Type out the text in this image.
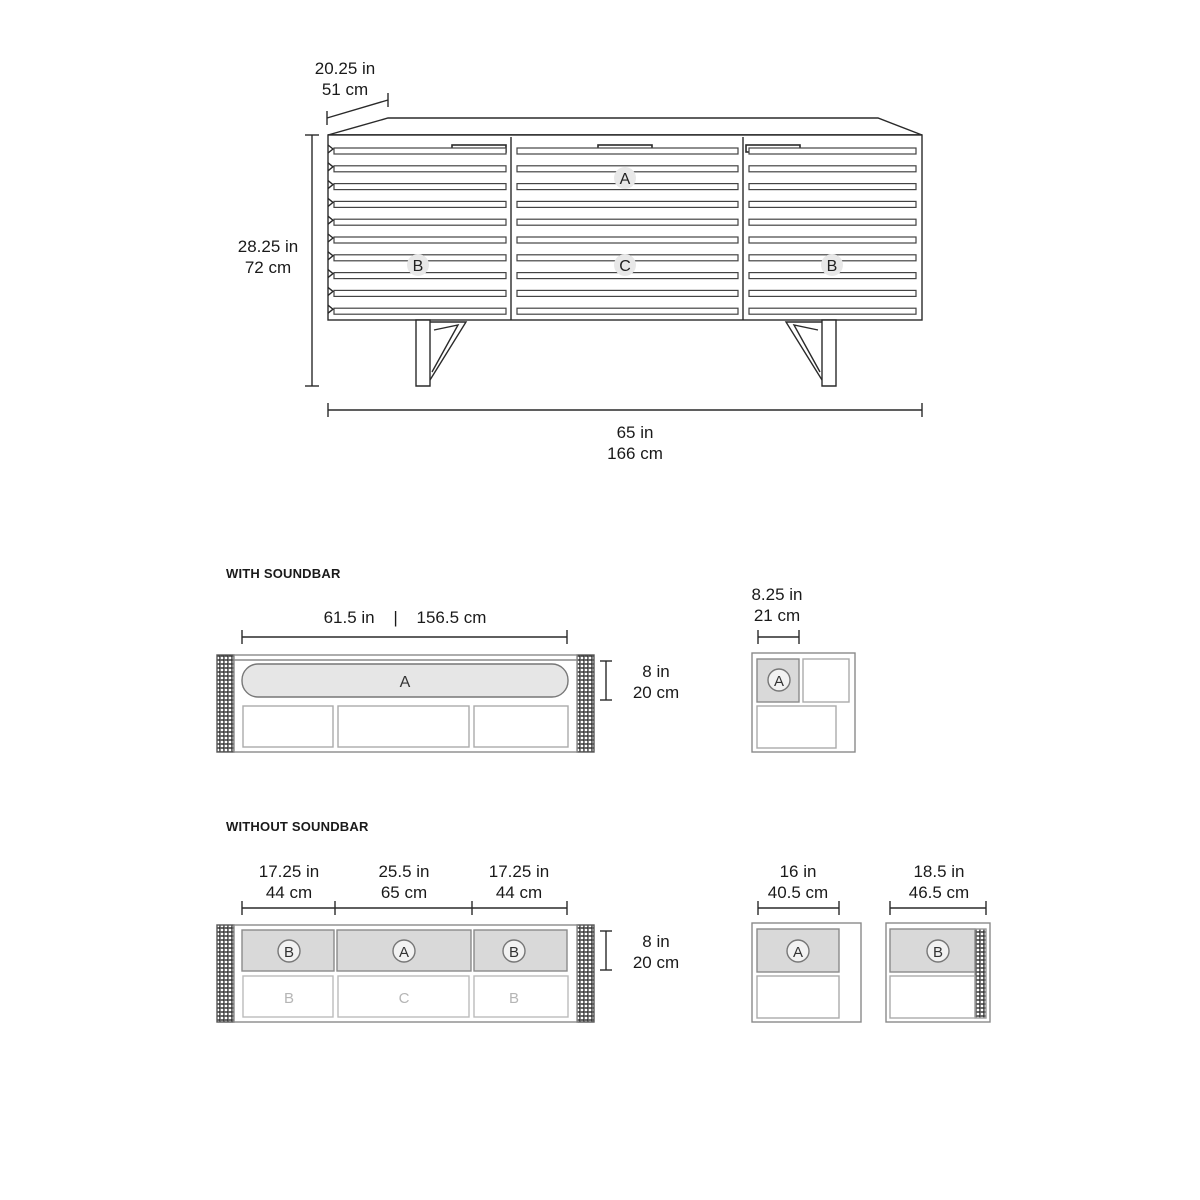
A
B	C	B
A	A
B	A	B
B	C	B
A	B
20.25 in
51 cm
28.25 in
72 cm
65 in
166 cm
WITH SOUNDBAR
61.5 in | 156.5 cm
8 in
20 cm
8.25 in
21 cm
WITHOUT SOUNDBAR
17.25 in
44 cm
25.5 in
65 cm
17.25 in
44 cm
8 in
20 cm
16 in
40.5 cm
18.5 in
46.5 cm
